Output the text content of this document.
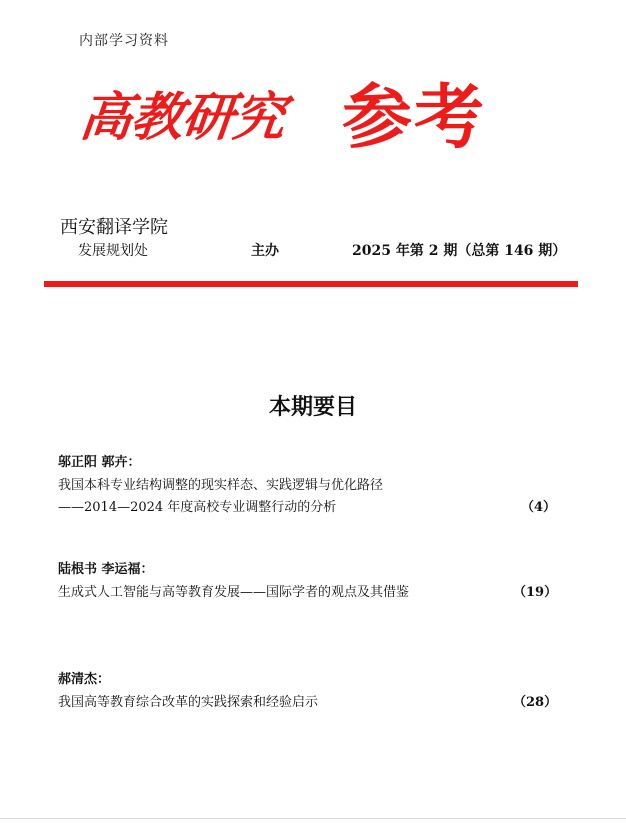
内部学习资料
高教研究 参考
西安翻译学院
发展规划处	主办	2025 年第 2 期（总第 146 期）
本期要目
邬正阳 郭卉：
我国本科专业结构调整的现实样态、实践逻辑与优化路径
——2014—2024 年度高校专业调整行动的分析	（4）
陆根书 李运福：
生成式人工智能与高等教育发展——国际学者的观点及其借鉴	（19）
郝清杰：
我国高等教育综合改革的实践探索和经验启示	（28）
